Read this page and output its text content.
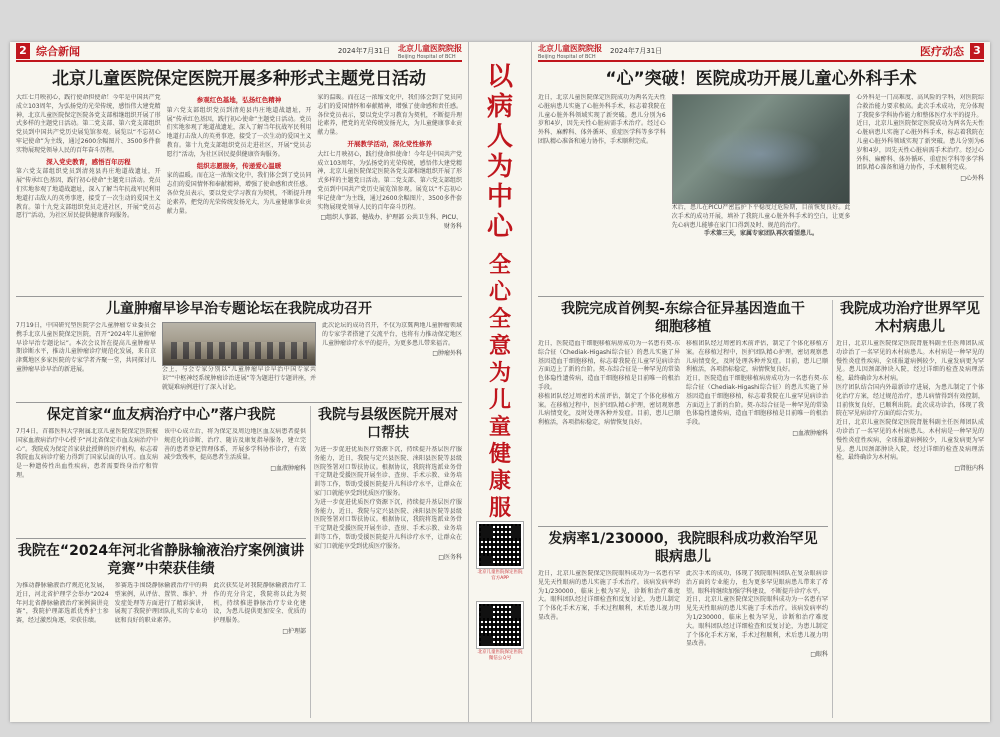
2 综合新闻	2024年7月31日 北京儿童医院院报
Beijing Hospital of BCH
北京儿童医院保定医院开展多种形式主题党日活动
大红七月映初心，践行使命担使命！今年是中国共产党成立103周年，为弘扬党的光荣传统，感悟伟大建党精神，北京儿童医院保定医院各党支部相继组织开展了形式多样的主题党日活动。第二党支部、第六党支部组织党员到中国共产党历史展览馆参观。展览以“不忘初心 牢记使命”为主线，通过2600余幅图片、3500多件套实物展现党领导人民的百年奋斗历程。
深入党史教育，感悟百年历程
第六党支部组织党员到清苑县冉庄地道战遗址，开展“传承红色基因，践行初心使命”主题党日活动。党员们实地参观了地道战遗址，深入了解当年抗战军民利用地道打击敌人的英勇事迹，接受了一次生动的爱国主义教育。第十九党支部组织党员走进社区，开展“党员志愿行”活动，为社区居民提供健康咨询服务。
参观红色基地，弘扬红色精神
第六党支部组织党员到清苑县冉庄地道战遗址，开展“传承红色基因，践行初心使命”主题党日活动。党员们实地参观了地道战遗址，深入了解当年抗战军民利用地道打击敌人的英勇事迹，接受了一次生动的爱国主义教育。第十九党支部组织党员走进社区，开展“党员志愿行”活动，为社区居民提供健康咨询服务。
组织志愿服务，传递爱心温暖
家的温暖。而在这一浓缩文化中，我们体会到了党员同志们的爱国情怀和奉献精神，增强了使命感和责任感。各位党员表示，要以党史学习教育为契机，不断提升理论素养，把党的光荣传统发扬光大，为儿童健康事业贡献力量。
家的温暖。而在这一浓缩文化中，我们体会到了党员同志们的爱国情怀和奉献精神，增强了使命感和责任感。各位党员表示，要以党史学习教育为契机，不断提升理论素养，把党的光荣传统发扬光大，为儿童健康事业贡献力量。
开展教学活动，深化党性修养
大红七月映初心，践行使命担使命！今年是中国共产党成立103周年，为弘扬党的光荣传统，感悟伟大建党精神，北京儿童医院保定医院各党支部相继组织开展了形式多样的主题党日活动。第二党支部、第六党支部组织党员到中国共产党历史展览馆参观。展览以“不忘初心 牢记使命”为主线，通过2600余幅图片、3500多件套实物展现党领导人民的百年奋斗历程。
□组织人事部、健战办、护理部 公共卫生科、PICU、财务科
儿童肿瘤早诊早治专题论坛在我院成功召开
7月19日，中国研究型医院学会儿童肿瘤专业委员会携手北京儿童医院保定医院，召开“2024年儿童肿瘤早诊早治专题论坛”。本次会议旨在提高儿童肿瘤早期诊断水平，推动儿童肿瘤诊疗规范化发展，来自京津冀地区多家医院的专家学者齐聚一堂，共同探讨儿童肿瘤早诊早治的新进展。	会上，与会专家分别以“儿童肿瘤早诊早治中国专家共识”“中枢神经系统肿瘤诊治进展”等为题进行专题讲座，并就疑难病例进行了深入讨论。
此次论坛的成功召开，不仅为京冀两地儿童肿瘤领域的专家学者搭建了交流平台，也将有力推动保定地区儿童肿瘤诊疗水平的提升，为更多患儿带来福音。
□肿瘤外科
保定首家“血友病治疗中心”落户我院
7月4日，首都医科大学附属北京儿童医院保定医院被国家血液病治疗中心授予“河北省保定市血友病治疗中心”。我院成为保定首家获此授牌的医疗机构，标志着我院血友病诊疗能力得到了国家层面的认可。血友病是一种遗传性出血性疾病，患者需要终身治疗和管理。
该中心成立后，将为保定及周边地区血友病患者提供规范化的诊断、治疗、随访及康复指导服务，建立完善的患者登记管理体系，开展多学科协作诊疗，有效减少致残率，提高患者生活质量。
□血液肿瘤科
我院与县级医院开展对口帮扶
为进一步促进优质医疗资源下沉，持续提升基层医疗服务能力，近日，我院与定兴县医院、涞阳县医院等县级医院签署对口帮扶协议。根据协议，我院将选派业务骨干定期赴受援医院开展坐诊、查房、手术示教、业务培训等工作，帮助受援医院提升儿科诊疗水平，让群众在家门口就能享受到优质医疗服务。
为进一步促进优质医疗资源下沉，持续提升基层医疗服务能力，近日，我院与定兴县医院、涞阳县医院等县级医院签署对口帮扶协议。根据协议，我院将选派业务骨干定期赴受援医院开展坐诊、查房、手术示教、业务培训等工作，帮助受援医院提升儿科诊疗水平，让群众在家门口就能享受到优质医疗服务。
□医务科
我院在“2024年河北省静脉输液治疗案例演讲竞赛”中荣获佳绩
为推动静脉输液治疗规范化发展，近日，河北省护理学会举办“2024年河北省静脉输液治疗案例演讲竞赛”，我院护理部选派优秀护士参赛，经过激烈角逐，荣获佳绩。
参赛选手围绕静脉输液治疗中的典型案例，从评估、置管、维护、并发症处理等方面进行了精彩演讲，展现了我院护理团队扎实的专业功底和良好的职业素养。
此次获奖是对我院静脉输液治疗工作的充分肯定，我院将以此为契机，持续推进静脉治疗专业化建设，为患儿提供更加安全、优质的护理服务。
□护理部
以
病
人
为
中
心
全
心
全
意
为
儿
童
健
康
服
北京儿童医院保定医院
官方APP
北京儿童医院保定医院
微信公众号
北京儿童医院院报
Beijing Hospital of BCH
2024年7月31日	医疗动态 3
“心”突破！医院成功开展儿童心外科手术
近日，北京儿童医院保定医院成功为两名先天性心脏病患儿实施了心脏外科手术，标志着我院在儿童心脏外科领域实现了新突破。患儿分别为6岁和4岁，因先天性心脏病需手术治疗。经过心外科、麻醉科、体外循环、重症医学科等多学科团队精心准备和通力协作，手术顺利完成。
术后，患儿在PICU严密监护下平稳度过危险期，目前恢复良好。此次手术的成功开展，填补了我院儿童心脏外科手术的空白，让更多先心病患儿能够在家门口得到及时、规范的治疗。
手术第三天，家属专家团队再次看望患儿。
心外科是一门高难度、高风险的学科，对医院综合救治能力要求极高。此次手术成功，充分体现了我院多学科协作能力和整体医疗水平的提升。
近日，北京儿童医院保定医院成功为两名先天性心脏病患儿实施了心脏外科手术，标志着我院在儿童心脏外科领域实现了新突破。患儿分别为6岁和4岁，因先天性心脏病需手术治疗。经过心外科、麻醉科、体外循环、重症医学科等多学科团队精心准备和通力协作，手术顺利完成。
□心外科
我院完成首例契-东综合征异基因造血干细胞移植
近日，医院造血干细胞移植病房成功为一名患有契-东综合征（Chediak-Higashi综合征）的患儿实施了异基因造血干细胞移植，标志着我院在儿童罕见病诊治方面迈上了新的台阶。契-东综合征是一种罕见的常染色体隐性遗传病，造血干细胞移植是目前唯一的根治手段。
移植团队经过周密的术前评估，制定了个体化移植方案。在移植过程中，医护团队精心护理，密切观察患儿病情变化，及时处理各种并发症。目前，患儿已顺利植活，各项指标稳定，病情恢复良好。
移植团队经过周密的术前评估，制定了个体化移植方案。在移植过程中，医护团队精心护理，密切观察患儿病情变化，及时处理各种并发症。目前，患儿已顺利植活，各项指标稳定，病情恢复良好。
近日，医院造血干细胞移植病房成功为一名患有契-东综合征（Chediak-Higashi综合征）的患儿实施了异基因造血干细胞移植，标志着我院在儿童罕见病诊治方面迈上了新的台阶。契-东综合征是一种罕见的常染色体隐性遗传病，造血干细胞移植是目前唯一的根治手段。
□血液肿瘤科
发病率1/230000，我院眼科成功救治罕见眼病患儿
近日，北京儿童医院保定医院眼科成功为一名患有罕见先天性眼病的患儿实施了手术治疗。该病发病率约为1/230000，临床上极为罕见，诊断和治疗难度大。眼科团队经过详细检查和反复讨论，为患儿制定了个体化手术方案，手术过程顺利，术后患儿视力明显改善。
此次手术的成功，体现了我院眼科团队在复杂眼病诊治方面的专业能力，也为更多罕见眼病患儿带来了希望。眼科将继续加强学科建设，不断提升诊疗水平。
近日，北京儿童医院保定医院眼科成功为一名患有罕见先天性眼病的患儿实施了手术治疗。该病发病率约为1/230000，临床上极为罕见，诊断和治疗难度大。眼科团队经过详细检查和反复讨论，为患儿制定了个体化手术方案，手术过程顺利，术后患儿视力明显改善。
□眼科
我院成功治疗世界罕见木村病患儿
近日，北京儿童医院保定医院肾脏科副主任医师团队成功诊治了一名罕见的木村病患儿。木村病是一种罕见的慢性炎症性疾病，全球报道病例较少，儿童发病更为罕见。患儿因颈部肿块入院，经过详细的检查及病理活检，最终确诊为木村病。
医疗团队结合国内外最新诊疗进展，为患儿制定了个体化治疗方案，经过规范治疗，患儿病情得到有效控制，目前恢复良好，已顺利出院。此次成功诊治，体现了我院在罕见病诊疗方面的综合实力。
近日，北京儿童医院保定医院肾脏科副主任医师团队成功诊治了一名罕见的木村病患儿。木村病是一种罕见的慢性炎症性疾病，全球报道病例较少，儿童发病更为罕见。患儿因颈部肿块入院，经过详细的检查及病理活检，最终确诊为木村病。
□肾脏内科
